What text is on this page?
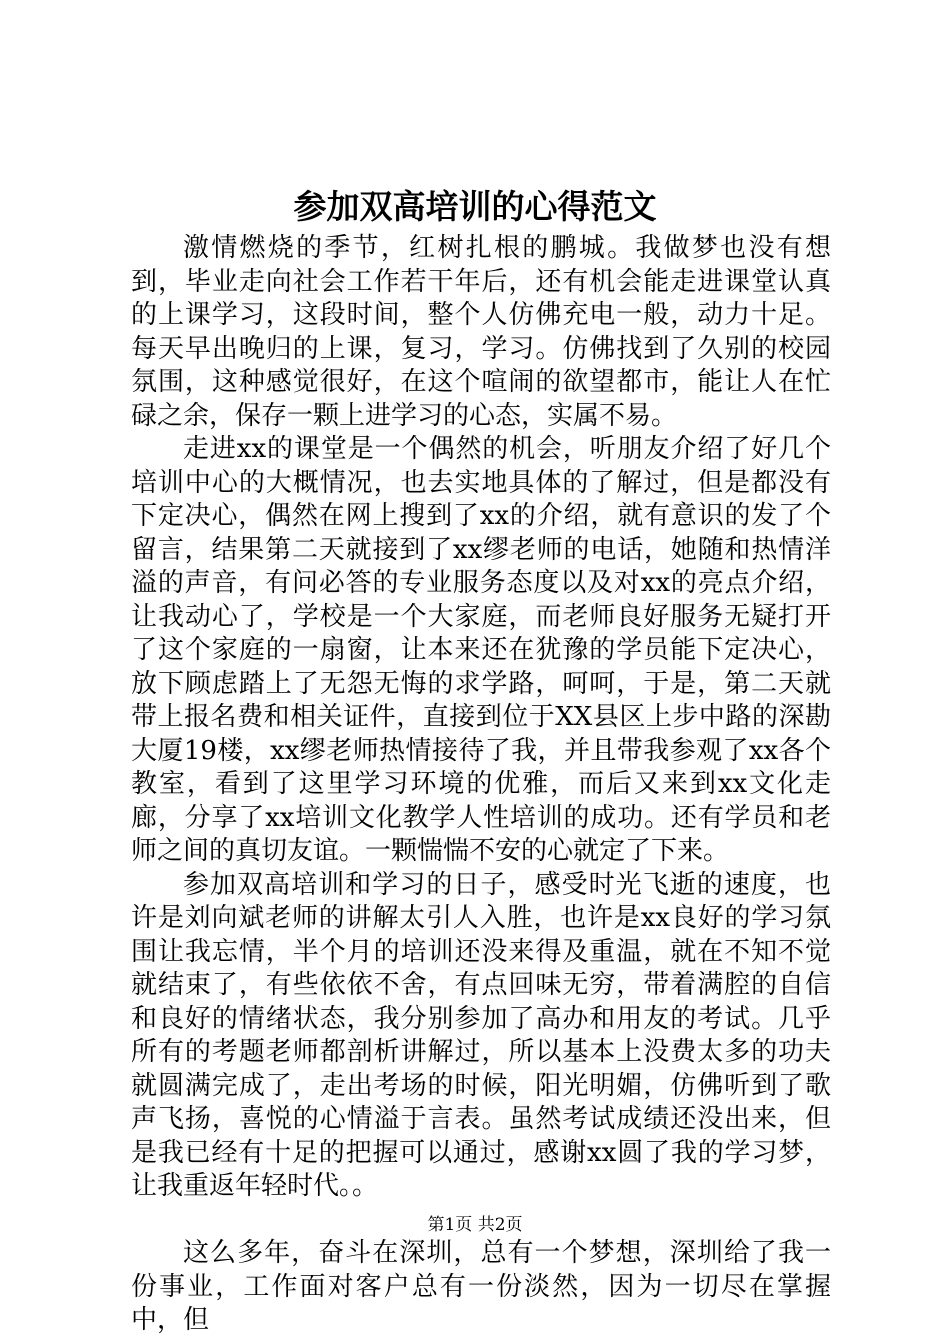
参加双高培训的心得范文

激情燃烧的季节，红树扎根的鹏城。我做梦也没有想到，毕业走向社会工作若干年后，还有机会能走进课堂认真的上课学习，这段时间，整个人仿佛充电一般，动力十足。每天早出晚归的上课，复习，学习。仿佛找到了久别的校园氛围，这种感觉很好，在这个喧闹的欲望都市，能让人在忙碌之余，保存一颗上进学习的心态，实属不易。

走进xx的课堂是一个偶然的机会，听朋友介绍了好几个培训中心的大概情况，也去实地具体的了解过，但是都没有下定决心，偶然在网上搜到了xx的介绍，就有意识的发了个留言，结果第二天就接到了xx缪老师的电话，她随和热情洋溢的声音，有问必答的专业服务态度以及对xx的亮点介绍，让我动心了，学校是一个大家庭，而老师良好服务无疑打开了这个家庭的一扇窗，让本来还在犹豫的学员能下定决心，放下顾虑踏上了无怨无悔的求学路，呵呵，于是，第二天就带上报名费和相关证件，直接到位于XX县区上步中路的深勘大厦19楼，xx缪老师热情接待了我，并且带我参观了xx各个教室，看到了这里学习环境的优雅，而后又来到xx文化走廊，分享了xx培训文化教学人性培训的成功。还有学员和老师之间的真切友谊。一颗惴惴不安的心就定了下来。

参加双高培训和学习的日子，感受时光飞逝的速度，也许是刘向斌老师的讲解太引人入胜，也许是xx良好的学习氛围让我忘情，半个月的培训还没来得及重温，就在不知不觉就结束了，有些依依不舍，有点回味无穷，带着满腔的自信和良好的情绪状态，我分别参加了高办和用友的考试。几乎所有的考题老师都剖析讲解过，所以基本上没费太多的功夫就圆满完成了，走出考场的时候，阳光明媚，仿佛听到了歌声飞扬，喜悦的心情溢于言表。虽然考试成绩还没出来，但是我已经有十足的把握可以通过，感谢xx圆了我的学习梦，让我重返年轻时代。。

这么多年，奋斗在深圳，总有一个梦想，深圳给了我一份事业，工作面对客户总有一份淡然，因为一切尽在掌握中，但

第1页 共2页
